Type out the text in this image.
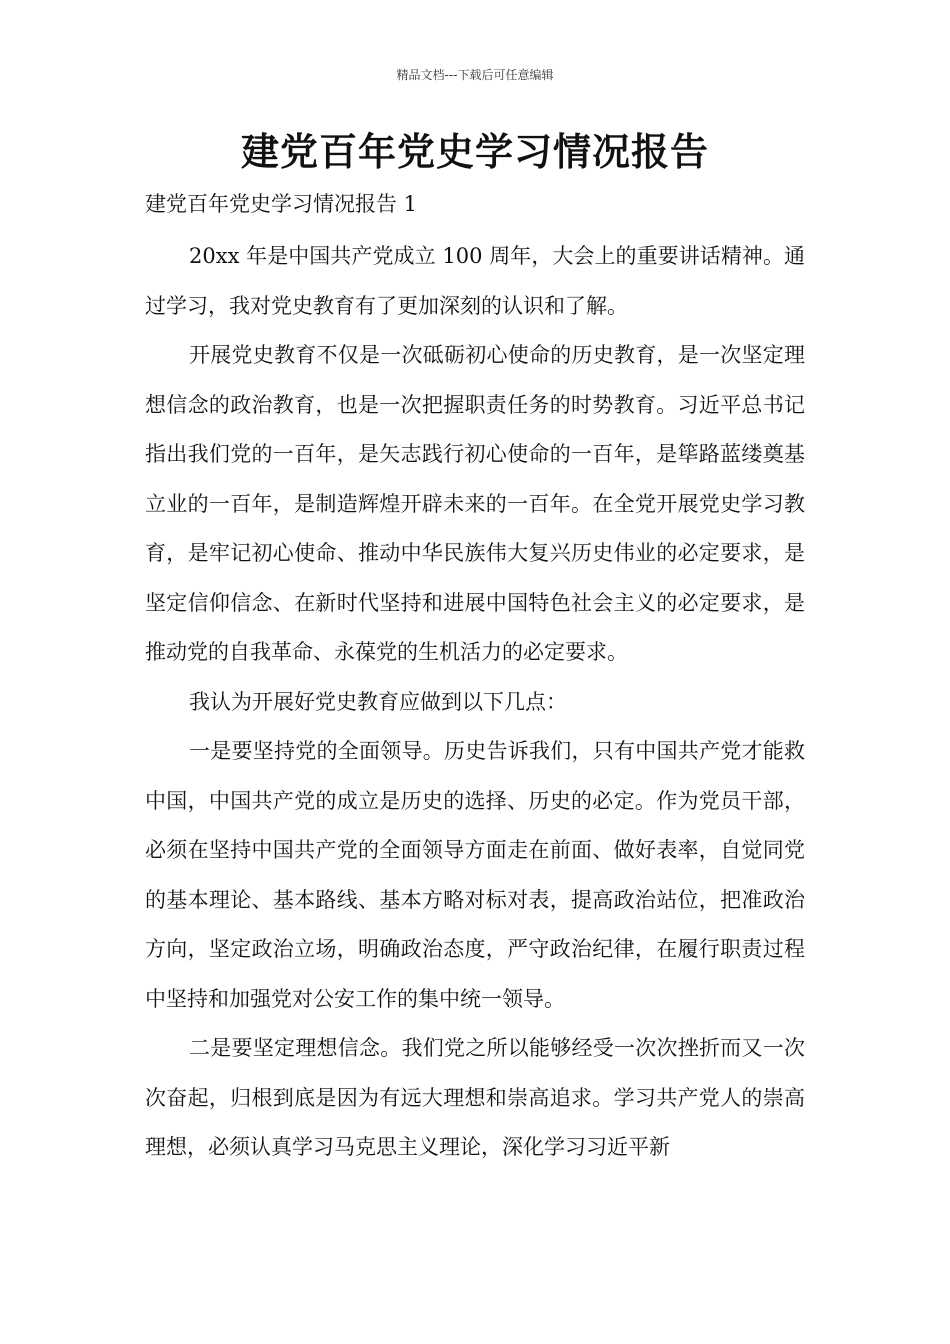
精品文档---下载后可任意编辑
建党百年党史学习情况报告

建党百年党史学习情况报告 1

20xx 年是中国共产党成立 100 周年，大会上的重要讲话精神。通过学习，我对党史教育有了更加深刻的认识和了解。

开展党史教育不仅是一次砥砺初心使命的历史教育，是一次坚定理想信念的政治教育，也是一次把握职责任务的时势教育。习近平总书记指出我们党的一百年，是矢志践行初心使命的一百年，是筚路蓝缕奠基立业的一百年，是制造辉煌开辟未来的一百年。在全党开展党史学习教育，是牢记初心使命、推动中华民族伟大复兴历史伟业的必定要求，是坚定信仰信念、在新时代坚持和进展中国特色社会主义的必定要求，是推动党的自我革命、永葆党的生机活力的必定要求。

我认为开展好党史教育应做到以下几点：

一是要坚持党的全面领导。历史告诉我们，只有中国共产党才能救中国，中国共产党的成立是历史的选择、历史的必定。作为党员干部，必须在坚持中国共产党的全面领导方面走在前面、做好表率，自觉同党的基本理论、基本路线、基本方略对标对表，提高政治站位，把准政治方向，坚定政治立场，明确政治态度，严守政治纪律，在履行职责过程中坚持和加强党对公安工作的集中统一领导。

二是要坚定理想信念。我们党之所以能够经受一次次挫折而又一次次奋起，归根到底是因为有远大理想和崇高追求。学习共产党人的崇高理想，必须认真学习马克思主义理论，深化学习习近平新
